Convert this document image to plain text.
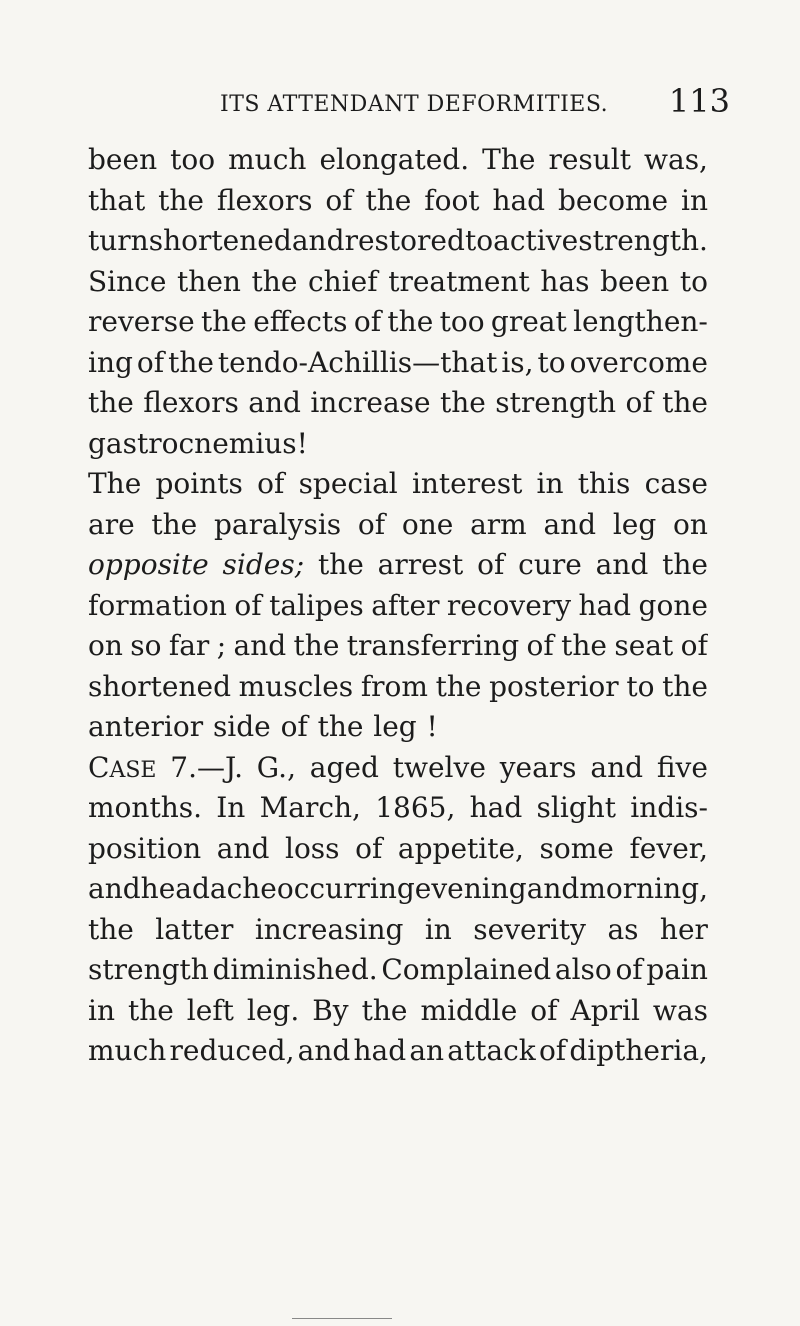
ITS ATTENDANT DEFORMITIES. 113
been too much elongated. The result was,
that the flexors of the foot had become in
turn shortened and restored to active strength.
Since then the chief treatment has been to
reverse the effects of the too great lengthen-
ing of the tendo-Achillis—that is, to overcome
the flexors and increase the strength of the
gastrocnemius!
The points of special interest in this case
are the paralysis of one arm and leg on
opposite sides; the arrest of cure and the
formation of talipes after recovery had gone
on so far ; and the transferring of the seat of
shortened muscles from the posterior to the
anterior side of the leg !
CASE 7.—J. G., aged twelve years and five
months. In March, 1865, had slight indis-
position and loss of appetite, some fever,
and headache occurring evening and morning,
the latter increasing in severity as her
strength diminished. Complained also of pain
in the left leg. By the middle of April was
much reduced, and had an attack of diptheria,
